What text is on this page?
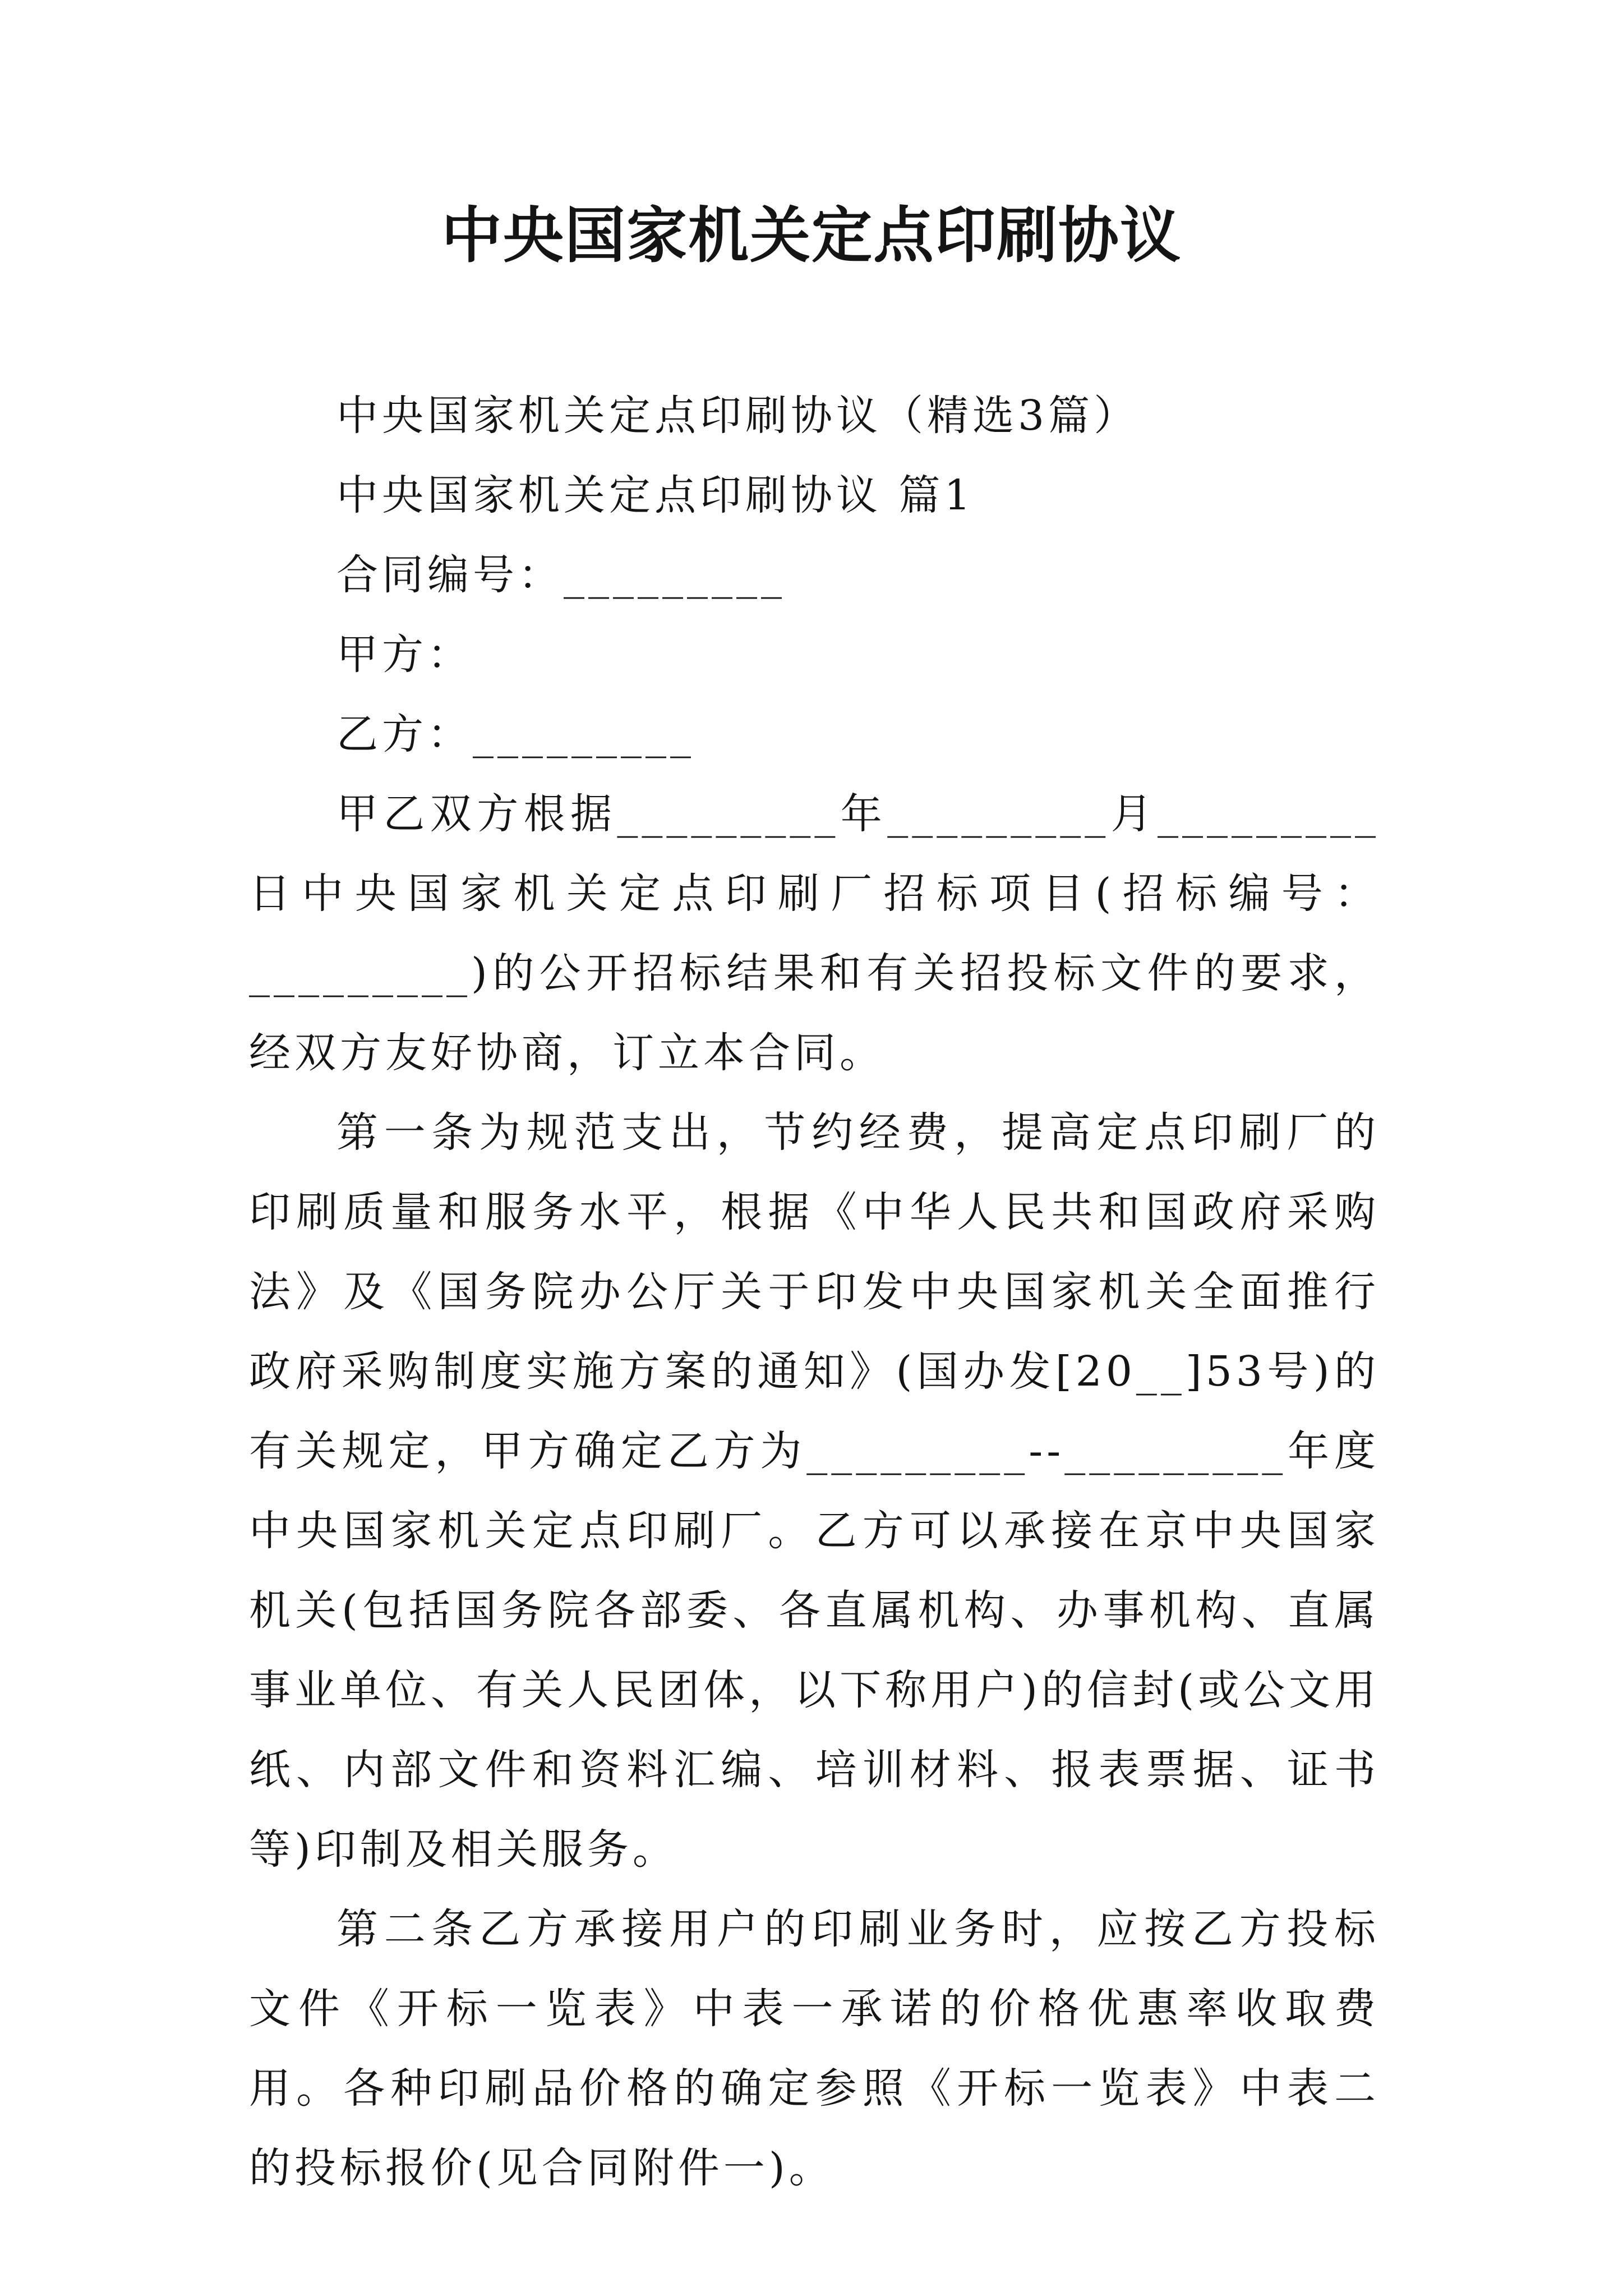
中央国家机关定点印刷协议
中央国家机关定点印刷协议（精选3篇）
中央国家机关定点印刷协议 篇1
合同编号：_________
甲方：
乙方：_________

甲乙双方根据_________年_________月_________日中央国家机关定点印刷厂招标项目(招标编号：_________)的公开招标结果和有关招投标文件的要求，经双方友好协商，订立本合同。

第一条为规范支出，节约经费，提高定点印刷厂的印刷质量和服务水平，根据《中华人民共和国政府采购法》及《国务院办公厅关于印发中央国家机关全面推行政府采购制度实施方案的通知》(国办发[20__]53号)的有关规定，甲方确定乙方为_________--_________年度中央国家机关定点印刷厂。乙方可以承接在京中央国家机关(包括国务院各部委、各直属机构、办事机构、直属事业单位、有关人民团体，以下称用户)的信封(或公文用纸、内部文件和资料汇编、培训材料、报表票据、证书等)印制及相关服务。

第二条乙方承接用户的印刷业务时，应按乙方投标文件《开标一览表》中表一承诺的价格优惠率收取费用。各种印刷品价格的确定参照《开标一览表》中表二的投标报价(见合同附件一)。
